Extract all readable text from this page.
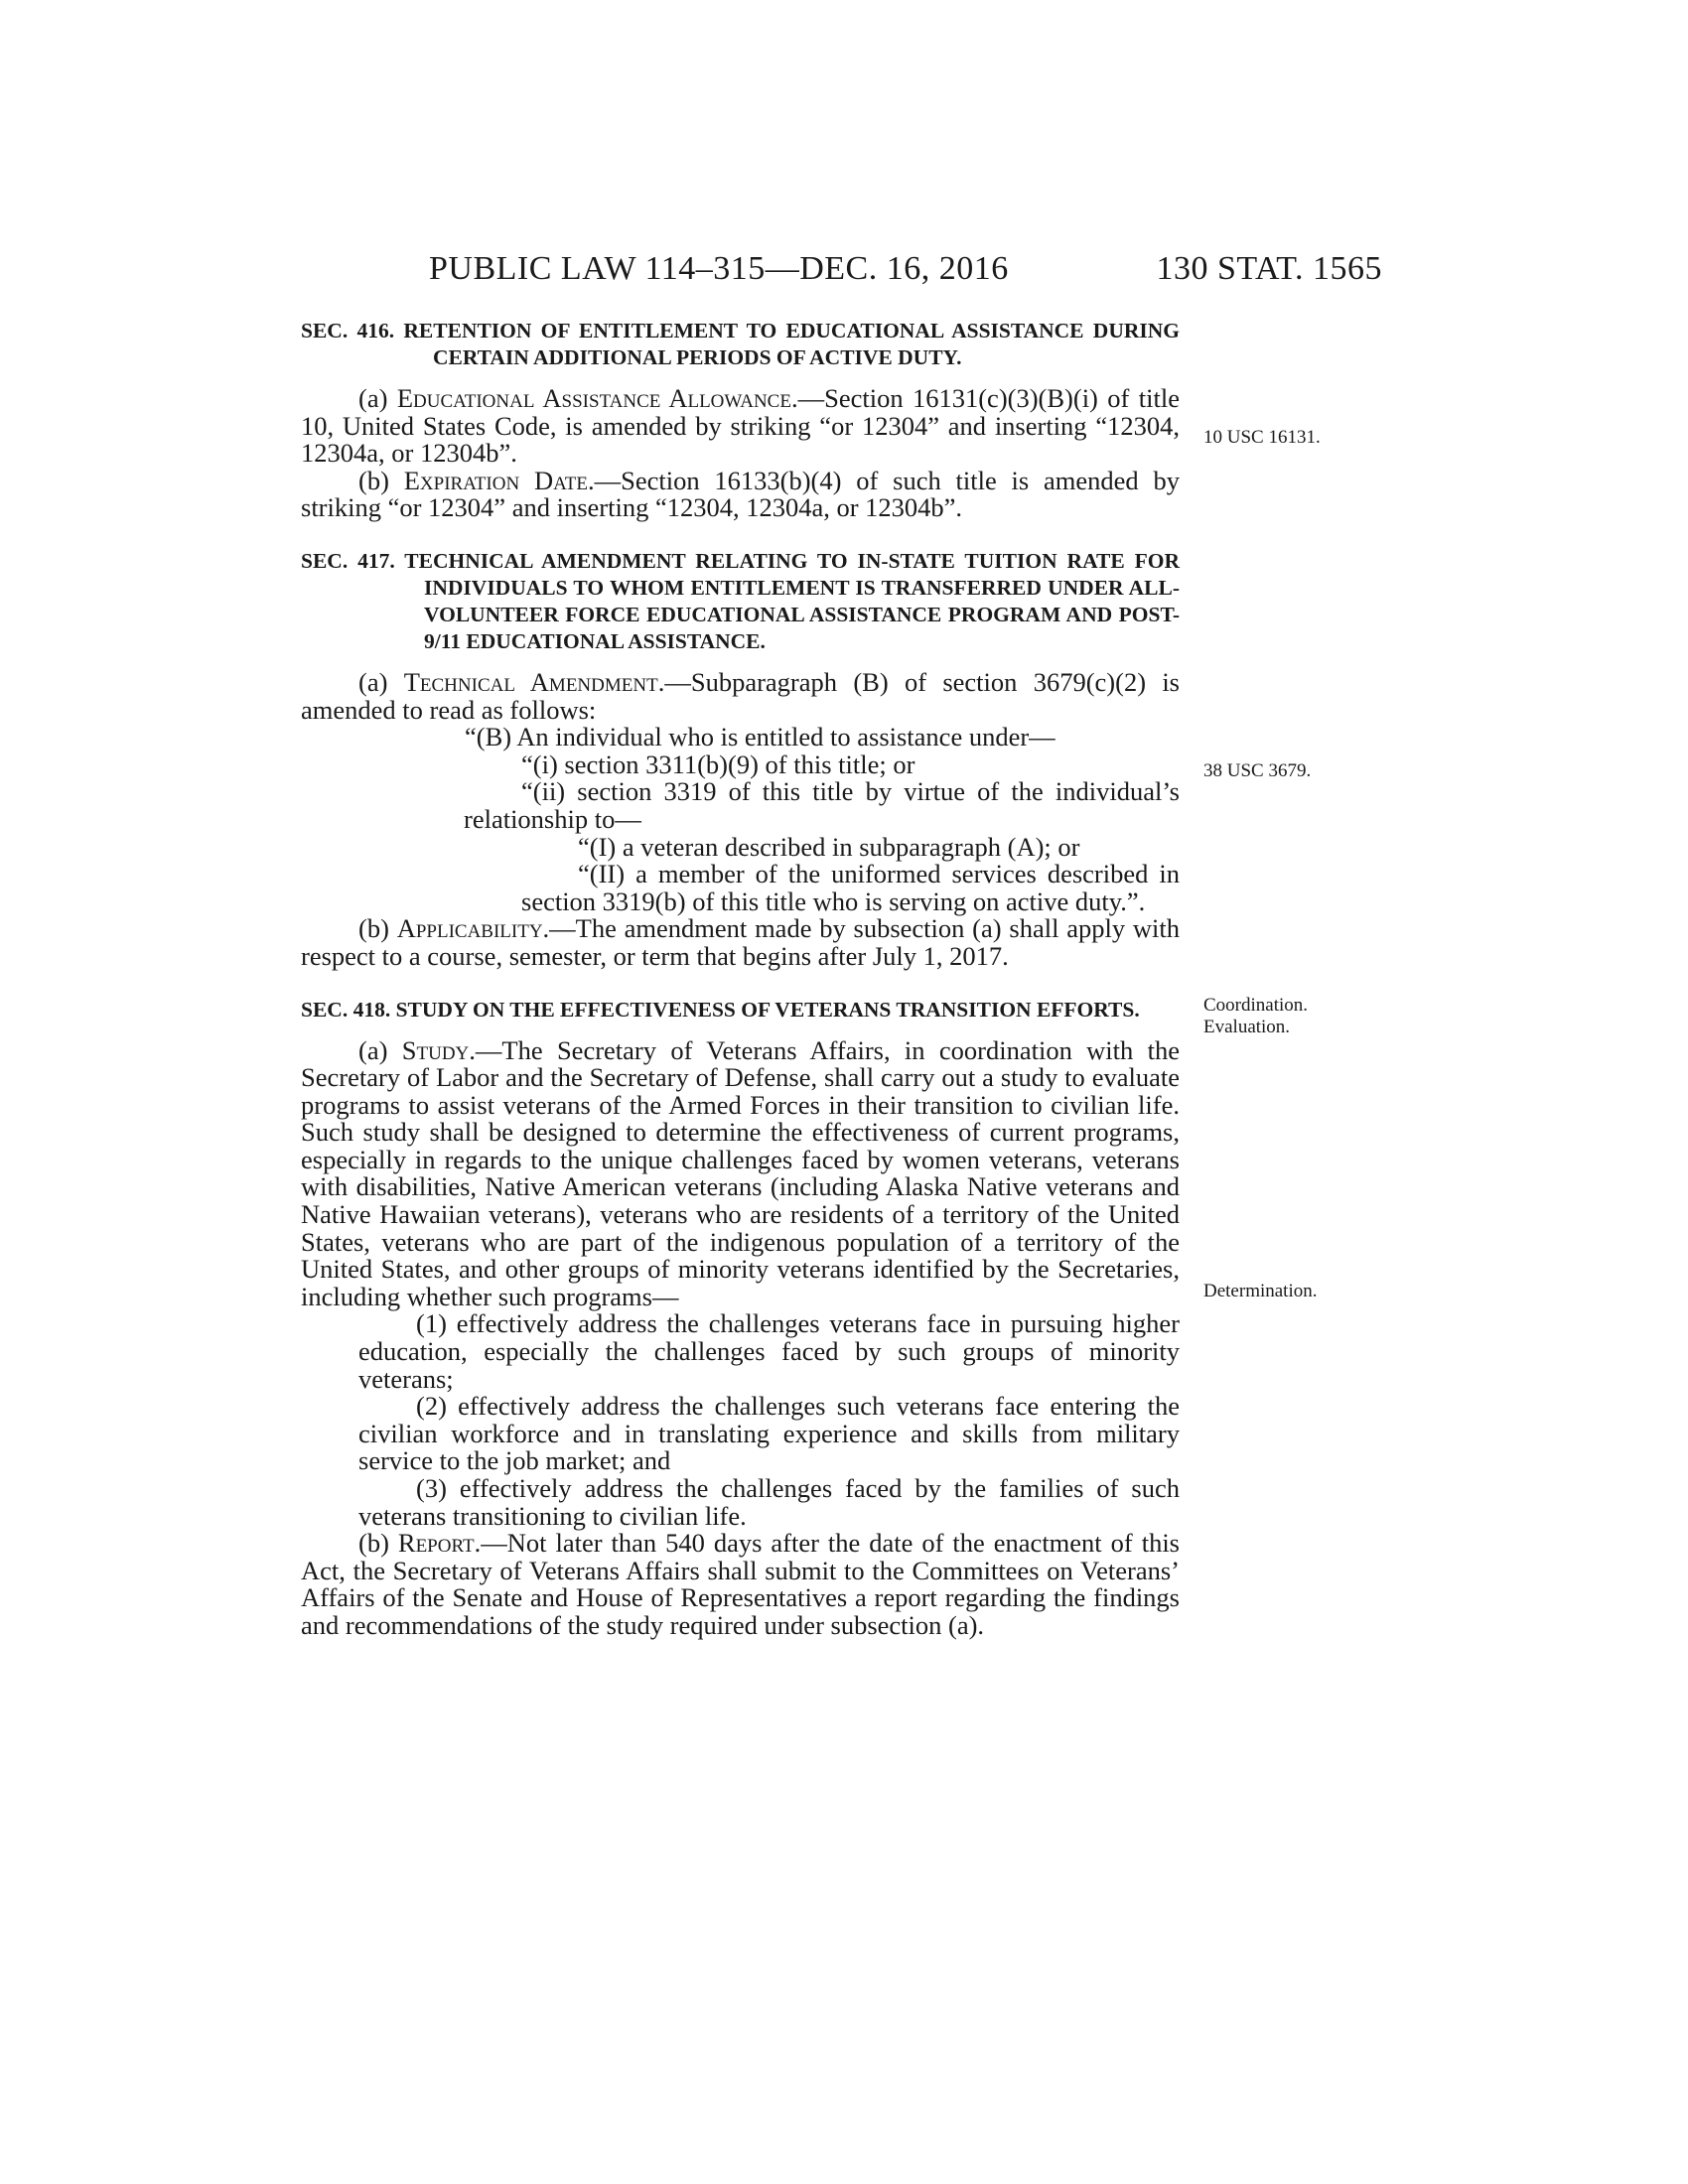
PUBLIC LAW 114–315—DEC. 16, 2016	130 STAT. 1565
10 USC 16131.
38 USC 3679.
Coordination.
Evaluation.
Determination.
SEC. 416. RETENTION OF ENTITLEMENT TO EDUCATIONAL ASSISTANCE DURING CERTAIN ADDITIONAL PERIODS OF ACTIVE DUTY.

(a) Educational Assistance Allowance.—Section 16131(c)(3)(B)(i) of title 10, United States Code, is amended by striking “or 12304” and inserting “12304, 12304a, or 12304b”.

(b) Expiration Date.—Section 16133(b)(4) of such title is amended by striking “or 12304” and inserting “12304, 12304a, or 12304b”.

SEC. 417. TECHNICAL AMENDMENT RELATING TO IN-STATE TUITION RATE FOR INDIVIDUALS TO WHOM ENTITLEMENT IS TRANSFERRED UNDER ALL-VOLUNTEER FORCE EDUCATIONAL ASSISTANCE PROGRAM AND POST-9/11 EDUCATIONAL ASSISTANCE.

(a) Technical Amendment.—Subparagraph (B) of section 3679(c)(2) is amended to read as follows:

“(B) An individual who is entitled to assistance under—

“(i) section 3311(b)(9) of this title; or

“(ii) section 3319 of this title by virtue of the individual’s relationship to—

“(I) a veteran described in subparagraph (A); or

“(II) a member of the uniformed services described in section 3319(b) of this title who is serving on active duty.”.

(b) Applicability.—The amendment made by subsection (a) shall apply with respect to a course, semester, or term that begins after July 1, 2017.

SEC. 418. STUDY ON THE EFFECTIVENESS OF VETERANS TRANSITION EFFORTS.

(a) Study.—The Secretary of Veterans Affairs, in coordination with the Secretary of Labor and the Secretary of Defense, shall carry out a study to evaluate programs to assist veterans of the Armed Forces in their transition to civilian life. Such study shall be designed to determine the effectiveness of current programs, especially in regards to the unique challenges faced by women veterans, veterans with disabilities, Native American veterans (including Alaska Native veterans and Native Hawaiian veterans), veterans who are residents of a territory of the United States, veterans who are part of the indigenous population of a territory of the United States, and other groups of minority veterans identified by the Secretaries, including whether such programs—

(1) effectively address the challenges veterans face in pursuing higher education, especially the challenges faced by such groups of minority veterans;

(2) effectively address the challenges such veterans face entering the civilian workforce and in translating experience and skills from military service to the job market; and

(3) effectively address the challenges faced by the families of such veterans transitioning to civilian life.

(b) Report.—Not later than 540 days after the date of the enactment of this Act, the Secretary of Veterans Affairs shall submit to the Committees on Veterans’ Affairs of the Senate and House of Representatives a report regarding the findings and recommendations of the study required under subsection (a).
